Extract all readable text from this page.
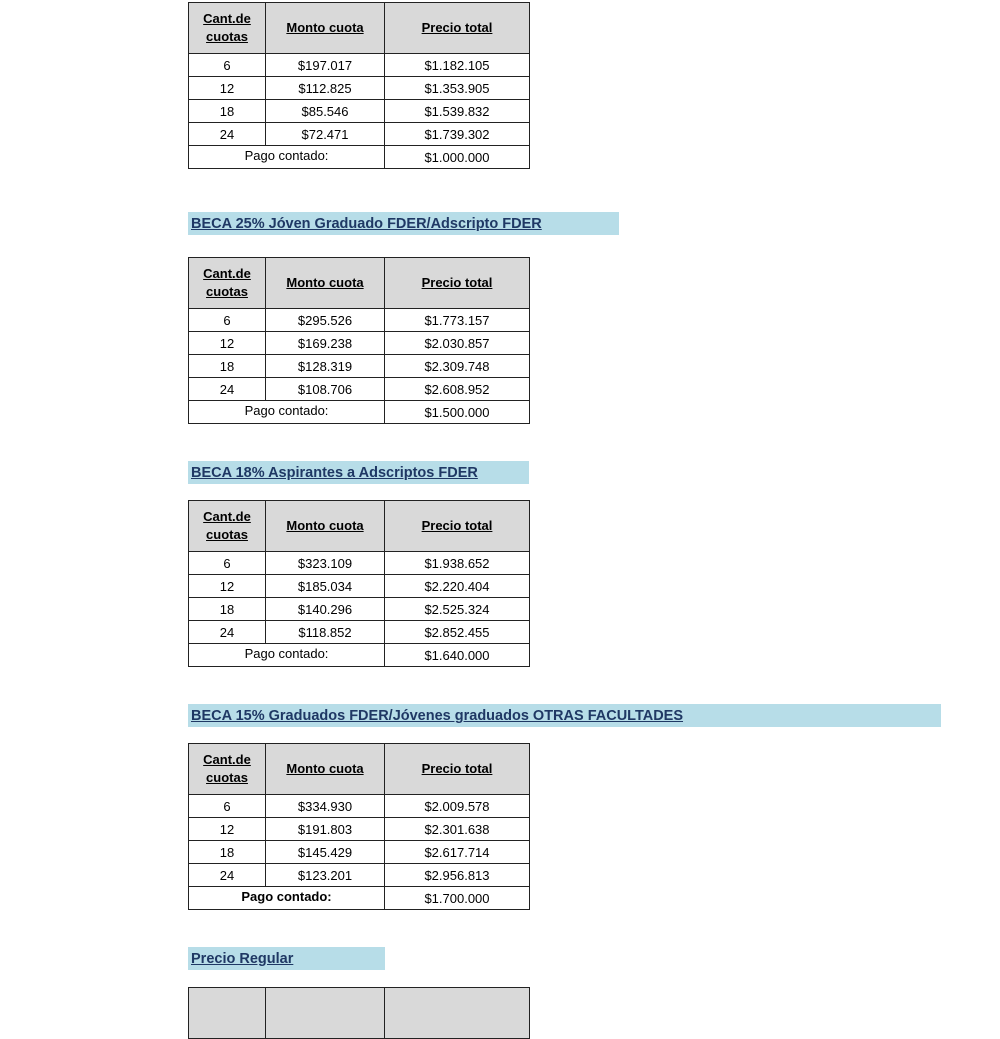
Cant.de
cuotas	Monto cuota	Precio total
6	$197.017	$1.182.105
12	$112.825	$1.353.905
18	$85.546	$1.539.832
24	$72.471	$1.739.302
Pago contado:		$1.000.000
BECA 25% Jóven Graduado FDER/Adscripto FDER
Cant.de
cuotas	Monto cuota	Precio total
6	$295.526	$1.773.157
12	$169.238	$2.030.857
18	$128.319	$2.309.748
24	$108.706	$2.608.952
Pago contado:		$1.500.000
BECA 18% Aspirantes a Adscriptos FDER
Cant.de
cuotas	Monto cuota	Precio total
6	$323.109	$1.938.652
12	$185.034	$2.220.404
18	$140.296	$2.525.324
24	$118.852	$2.852.455
Pago contado:		$1.640.000
BECA 15% Graduados FDER/Jóvenes graduados OTRAS FACULTADES
Cant.de
cuotas	Monto cuota	Precio total
6	$334.930	$2.009.578
12	$191.803	$2.301.638
18	$145.429	$2.617.714
24	$123.201	$2.956.813
Pago contado:		$1.700.000
Precio Regular
